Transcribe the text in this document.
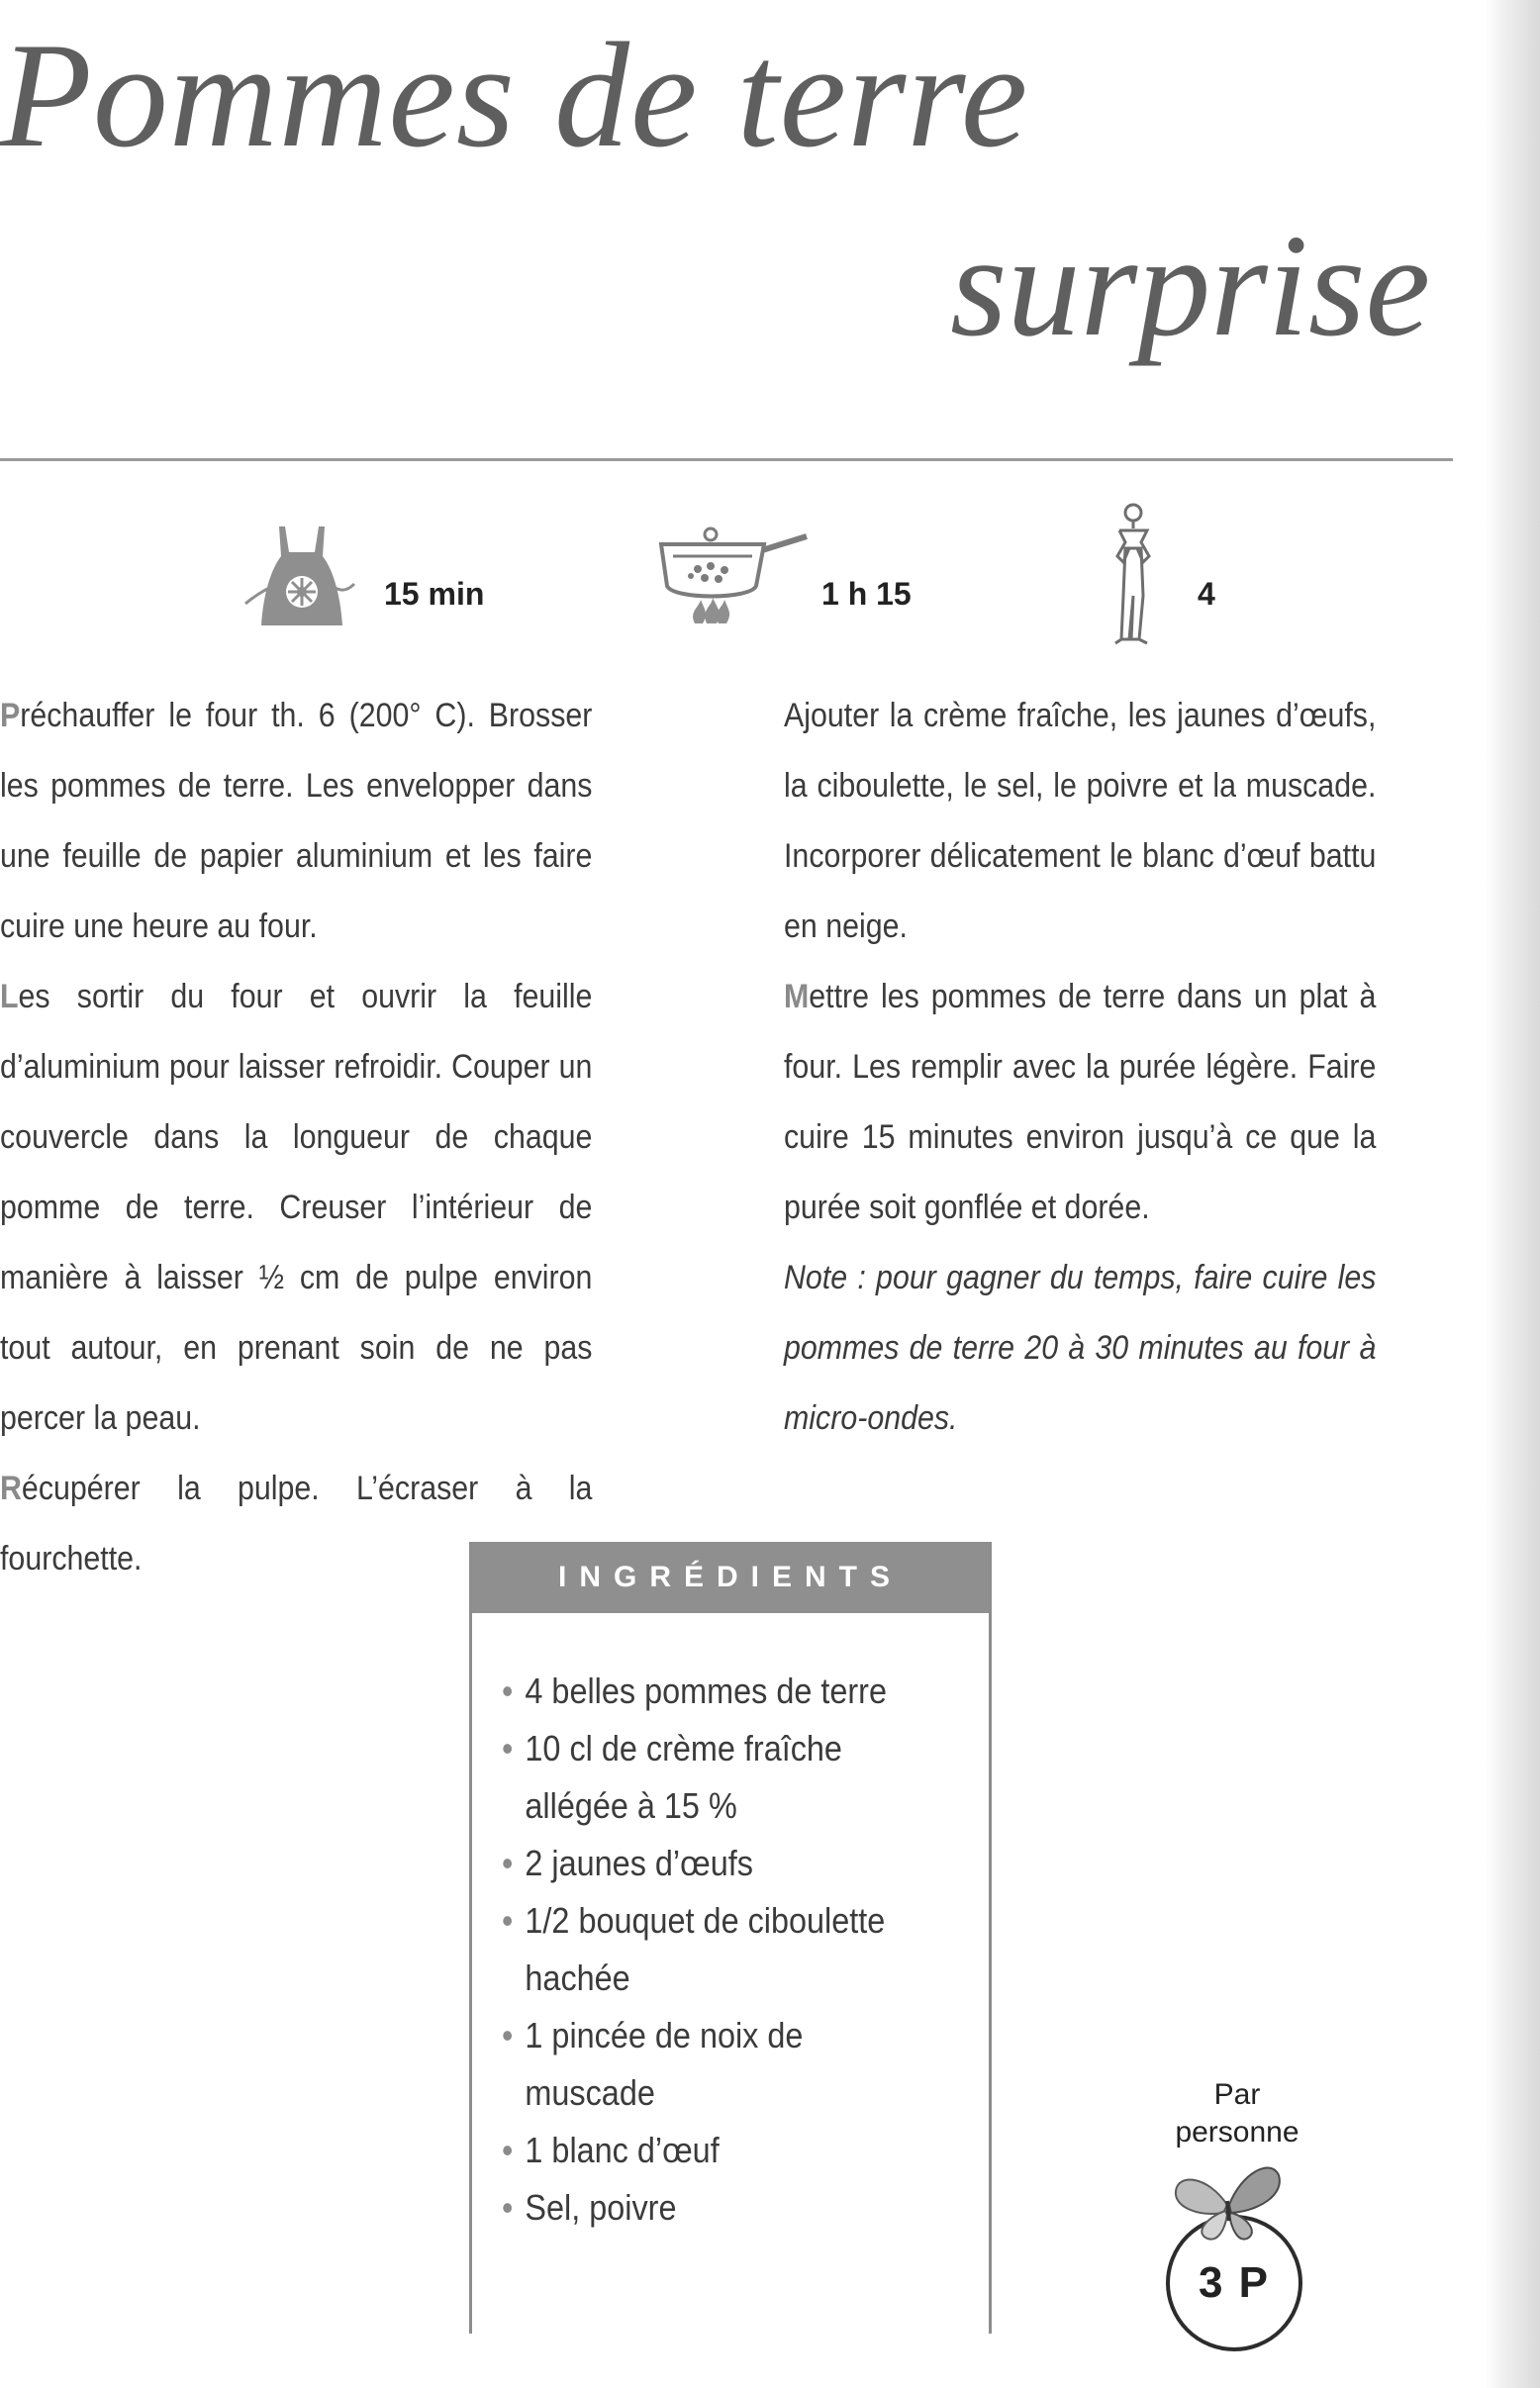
Pommes de terre
surprise
15 min	1 h 15	4

Préchauffer le four th. 6 (200° C). Brosser les pommes de terre. Les envelopper dans une feuille de papier aluminium et les faire cuire une heure au four.

Les sortir du four et ouvrir la feuille d’aluminium pour laisser refroidir. Couper un couvercle dans la longueur de chaque pomme de terre. Creuser l’intérieur de manière à laisser ½ cm de pulpe environ tout autour, en prenant soin de ne pas percer la peau.

Récupérer la pulpe. L’écraser à la fourchette.

Ajouter la crème fraîche, les jaunes d’œufs, la ciboulette, le sel, le poivre et la muscade. Incorporer délicatement le blanc d’œuf battu en neige.

Mettre les pommes de terre dans un plat à four. Les remplir avec la purée légère. Faire cuire 15 minutes environ jusqu’à ce que la purée soit gonflée et dorée.

Note : pour gagner du temps, faire cuire les pommes de terre 20 à 30 minutes au four à micro-ondes.

INGRÉDIENTS
• 4 belles pommes de terre
• 10 cl de crème fraîche allégée à 15 %
• 2 jaunes d’œufs
• 1/2 bouquet de ciboulette hachée
• 1 pincée de noix de muscade
• 1 blanc d’œuf
• Sel, poivre
Par
personne
3 P
